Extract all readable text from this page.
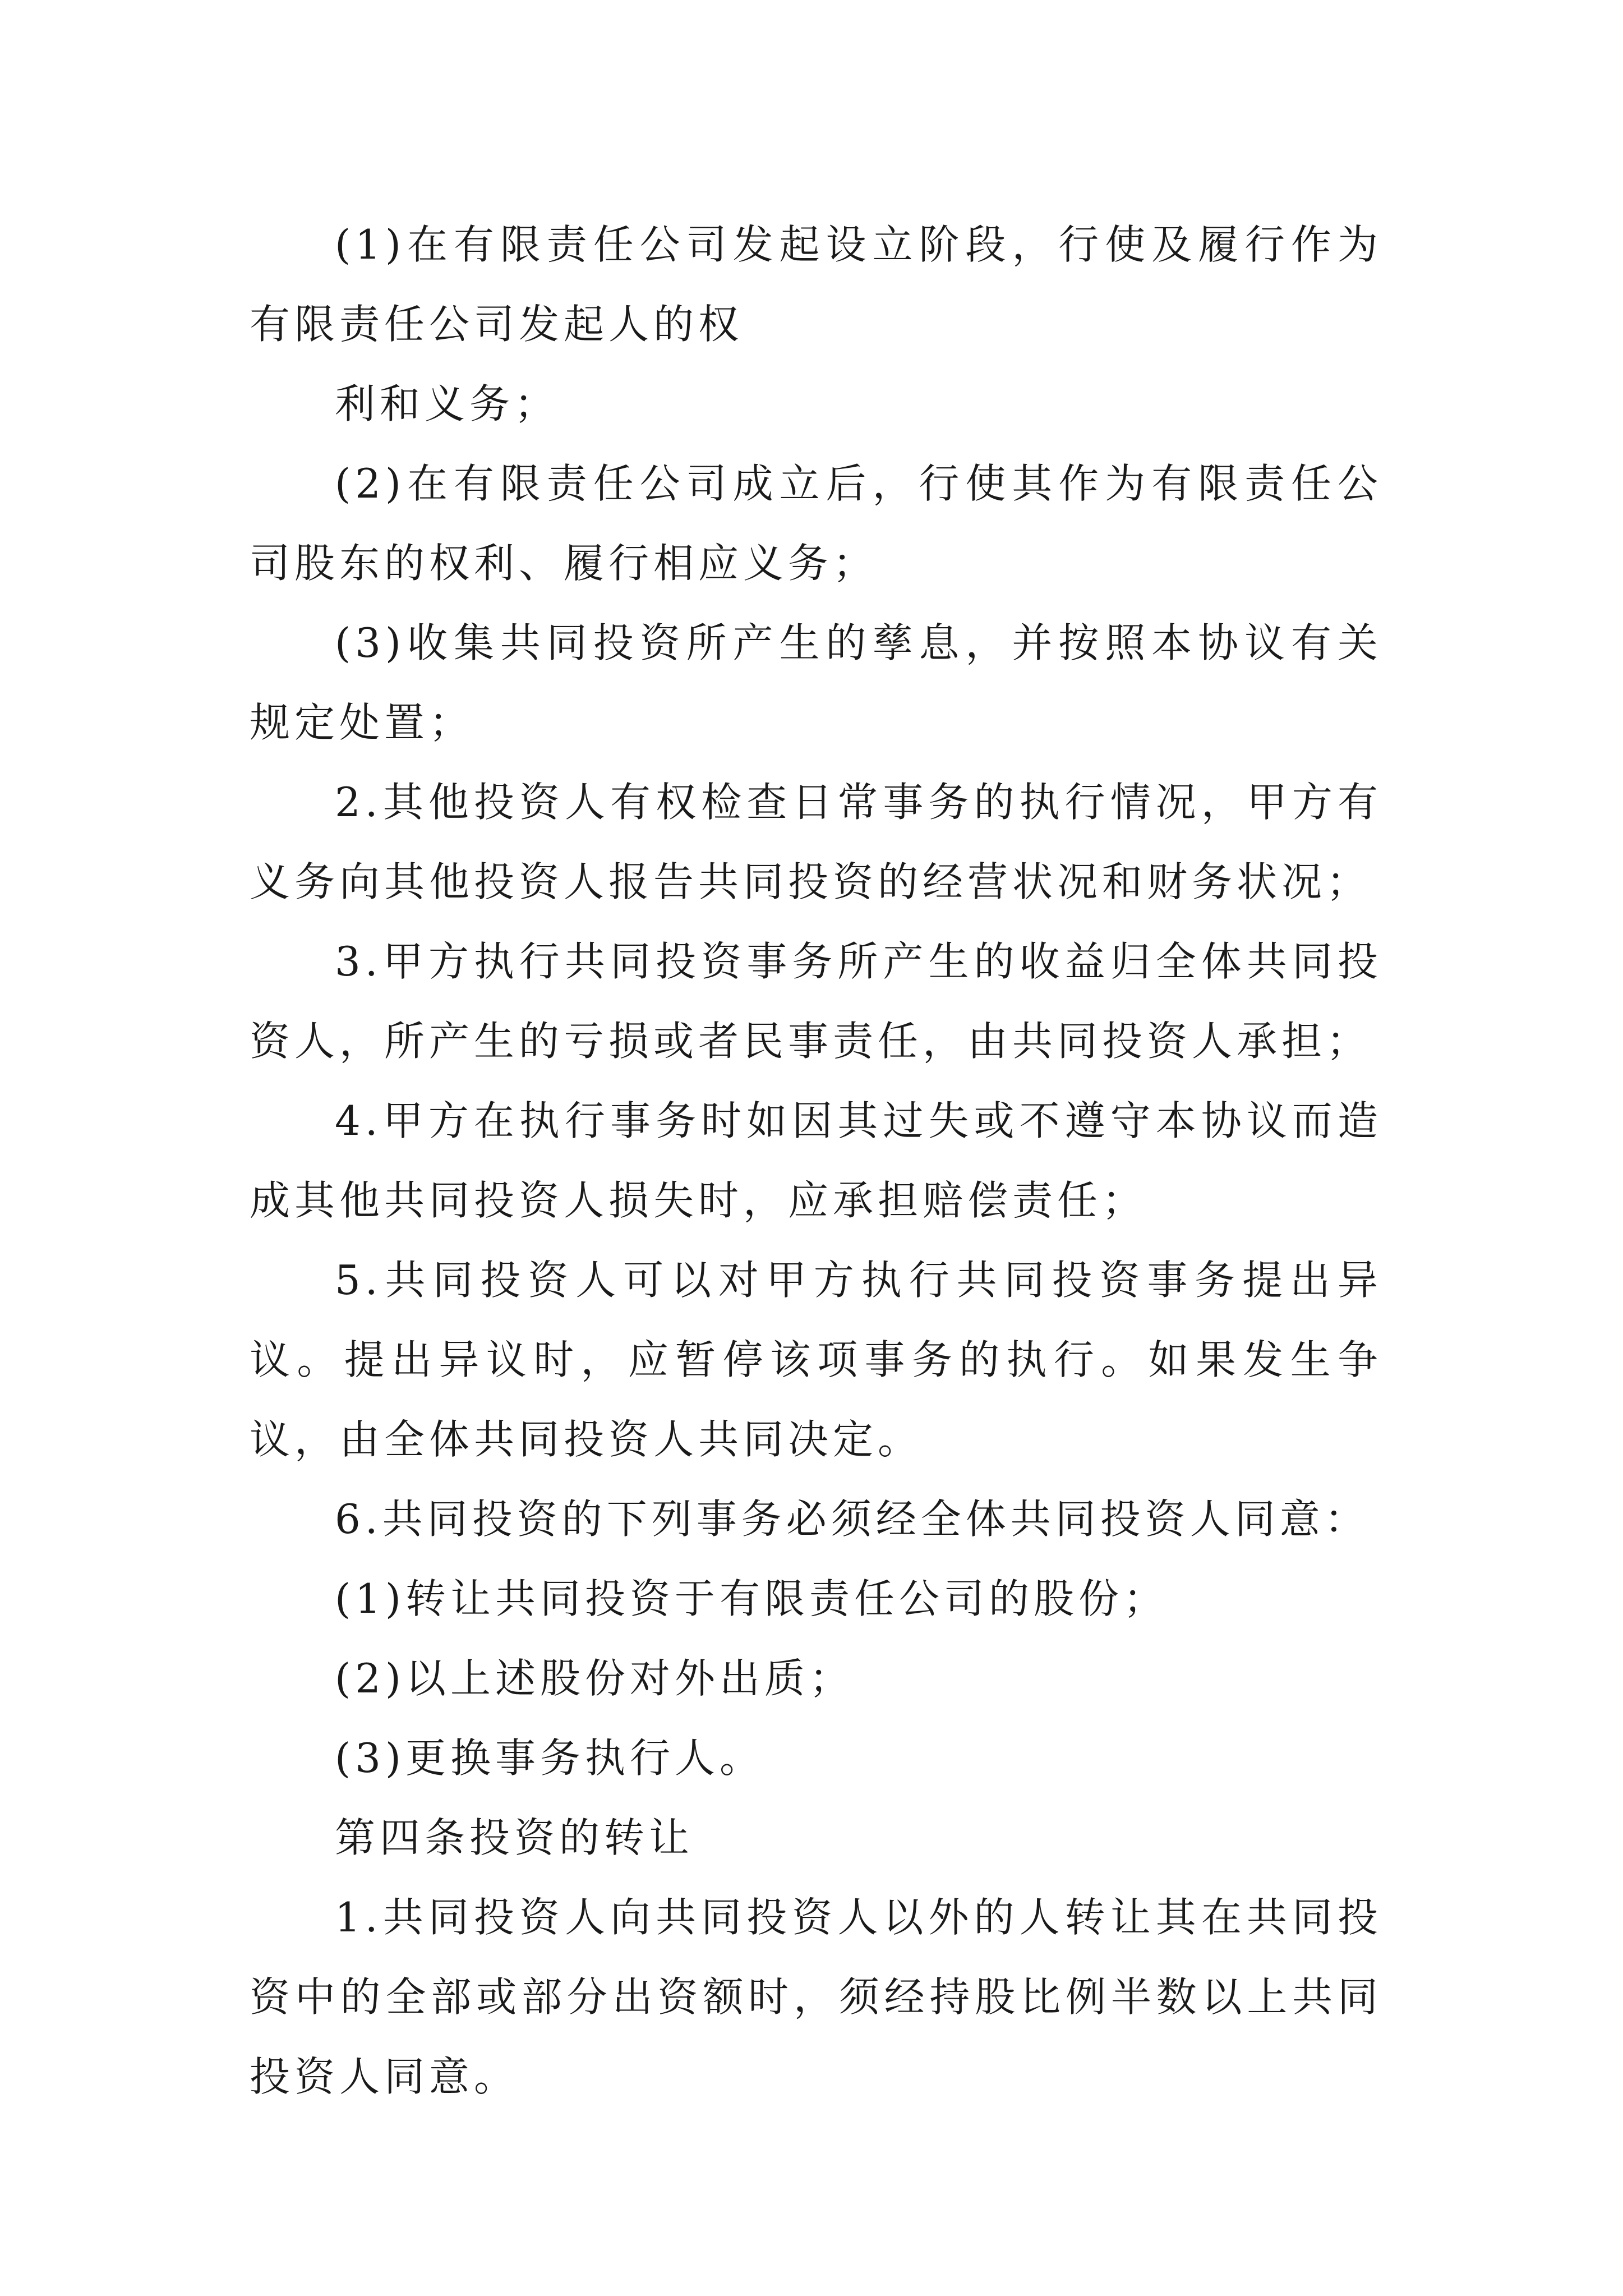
(1)在有限责任公司发起设立阶段，行使及履行作为有限责任公司发起人的权

利和义务；

(2)在有限责任公司成立后，行使其作为有限责任公司股东的权利、履行相应义务；

(3)收集共同投资所产生的孳息，并按照本协议有关规定处置；

2.其他投资人有权检查日常事务的执行情况，甲方有义务向其他投资人报告共同投资的经营状况和财务状况；

3.甲方执行共同投资事务所产生的收益归全体共同投资人，所产生的亏损或者民事责任，由共同投资人承担；

4.甲方在执行事务时如因其过失或不遵守本协议而造成其他共同投资人损失时，应承担赔偿责任；

5.共同投资人可以对甲方执行共同投资事务提出异议。提出异议时，应暂停该项事务的执行。如果发生争议，由全体共同投资人共同决定。

6.共同投资的下列事务必须经全体共同投资人同意：

(1)转让共同投资于有限责任公司的股份；

(2)以上述股份对外出质；

(3)更换事务执行人。

第四条投资的转让

1.共同投资人向共同投资人以外的人转让其在共同投资中的全部或部分出资额时，须经持股比例半数以上共同投资人同意。
